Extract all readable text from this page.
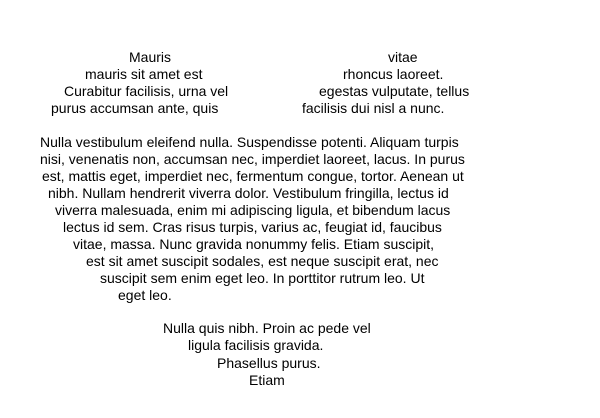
Mauris
mauris sit amet est
Curabitur facilisis, urna vel
purus accumsan ante, quis
vitae
rhoncus laoreet.
egestas vulputate, tellus
facilisis dui nisl a nunc.
Nulla vestibulum eleifend nulla. Suspendisse potenti. Aliquam turpis
nisi, venenatis non, accumsan nec, imperdiet laoreet, lacus. In purus
est, mattis eget, imperdiet nec, fermentum congue, tortor. Aenean ut
nibh. Nullam hendrerit viverra dolor. Vestibulum fringilla, lectus id
viverra malesuada, enim mi adipiscing ligula, et bibendum lacus
lectus id sem. Cras risus turpis, varius ac, feugiat id, faucibus
vitae, massa. Nunc gravida nonummy felis. Etiam suscipit,
est sit amet suscipit sodales, est neque suscipit erat, nec
suscipit sem enim eget leo. In porttitor rutrum leo. Ut
eget leo.
Nulla quis nibh. Proin ac pede vel
ligula facilisis gravida.
Phasellus purus.
Etiam
